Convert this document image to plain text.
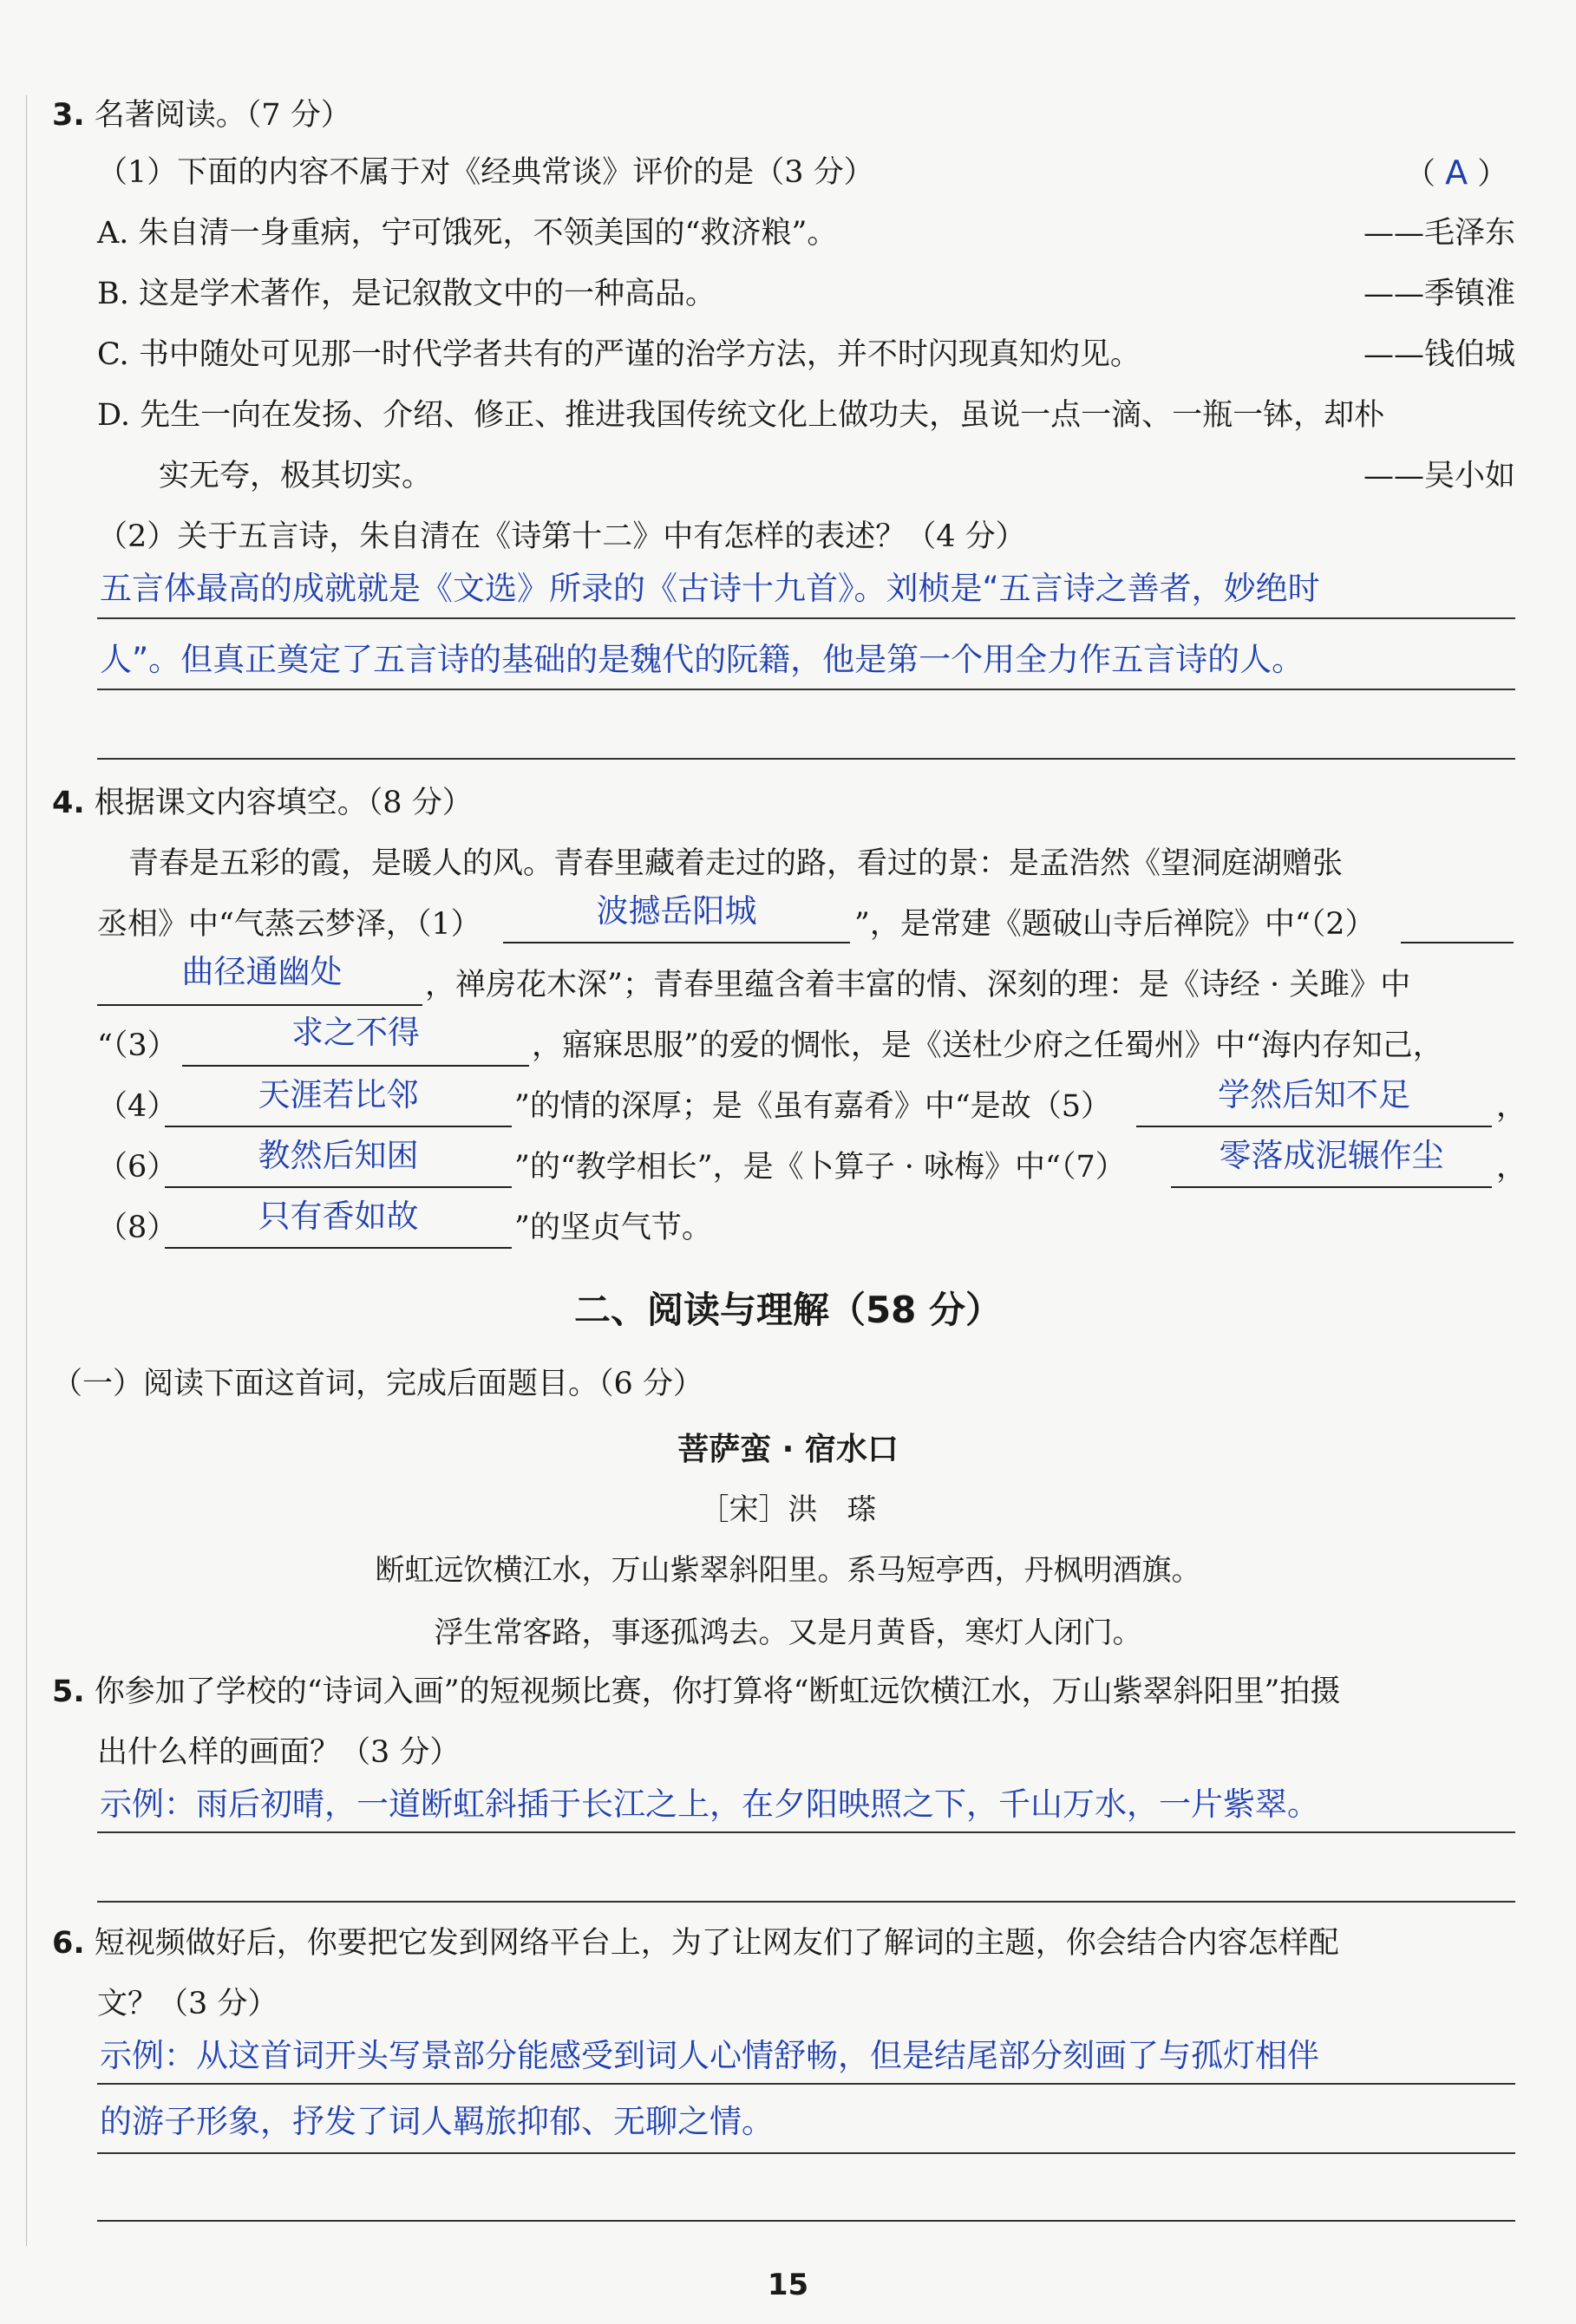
3. 名著阅读。（7 分）
（1）下面的内容不属于对《经典常谈》评价的是（3 分）	（ A ）
A. 朱自清一身重病，宁可饿死，不领美国的“救济粮”。	——毛泽东
B. 这是学术著作，是记叙散文中的一种高品。	——季镇淮
C. 书中随处可见那一时代学者共有的严谨的治学方法，并不时闪现真知灼见。	——钱伯城
D. 先生一向在发扬、介绍、修正、推进我国传统文化上做功夫，虽说一点一滴、一瓶一钵，却朴
实无夸，极其切实。	——吴小如
（2）关于五言诗，朱自清在《诗第十二》中有怎样的表述？（4 分）
五言体最高的成就就是《文选》所录的《古诗十九首》。刘桢是“五言诗之善者，妙绝时
人”。但真正奠定了五言诗的基础的是魏代的阮籍，他是第一个用全力作五言诗的人。
4. 根据课文内容填空。（8 分）
青春是五彩的霞，是暖人的风。青春里藏着走过的路，看过的景：是孟浩然《望洞庭湖赠张
丞相》中“气蒸云梦泽，（1）	波撼岳阳城	”，是常建《题破山寺后禅院》中“（2）
曲径通幽处	，禅房花木深”；青春里蕴含着丰富的情、深刻的理：是《诗经 · 关雎》中
“（3）	求之不得	，寤寐思服”的爱的惆怅，是《送杜少府之任蜀州》中“海内存知己，
（4）	天涯若比邻	”的情的深厚；是《虽有嘉肴》中“是故（5）	学然后知不足	，
（6）	教然后知困	”的“教学相长”，是《卜算子 · 咏梅》中“（7）	零落成泥辗作尘	，
（8）	只有香如故	”的坚贞气节。
二、阅读与理解（58 分）
（一）阅读下面这首词，完成后面题目。（6 分）
菩萨蛮 · 宿水口
［宋］洪　瑹
断虹远饮横江水，万山紫翠斜阳里。系马短亭西，丹枫明酒旗。
浮生常客路，事逐孤鸿去。又是月黄昏，寒灯人闭门。
5. 你参加了学校的“诗词入画”的短视频比赛，你打算将“断虹远饮横江水，万山紫翠斜阳里”拍摄
出什么样的画面？（3 分）
示例：雨后初晴，一道断虹斜插于长江之上，在夕阳映照之下，千山万水，一片紫翠。
6. 短视频做好后，你要把它发到网络平台上，为了让网友们了解词的主题，你会结合内容怎样配
文？（3 分）
示例：从这首词开头写景部分能感受到词人心情舒畅，但是结尾部分刻画了与孤灯相伴
的游子形象，抒发了词人羁旅抑郁、无聊之情。
15
